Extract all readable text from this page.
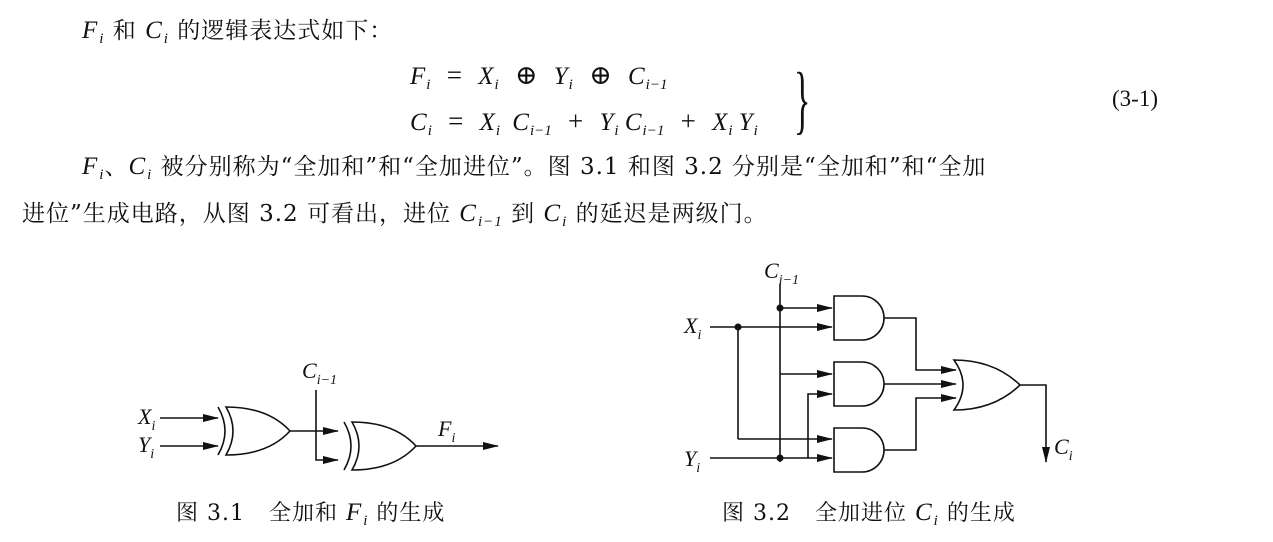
$F_i$ 和 $C_i$ 的逻辑表达式如下：
$F_i = X_i$ ⊕ $Y_i$ ⊕ $C_{i-1}$
$C_i = X_i$ $C_{i-1} + Y_i$ $C_{i-1} + X_i$ $Y_i$ }	(3-1)
$F_i$、$C_i$ 被分别称为“全加和”和“全加进位”。图 3.1 和图 3.2 分别是“全加和”和“全加
进位”生成电路，从图 3.2 可看出，进位 $C_{i-1}$ 到 $C_i$ 的延迟是两级门。
$X_i$
$Y_i$
$C_{i-1}$
$F_i$
$C_{i-1}$
$X_i$
$Y_i$
$C_i$
图 3.1   全加和 $F_i$ 的生成	图 3.2   全加进位 $C_i$ 的生成
